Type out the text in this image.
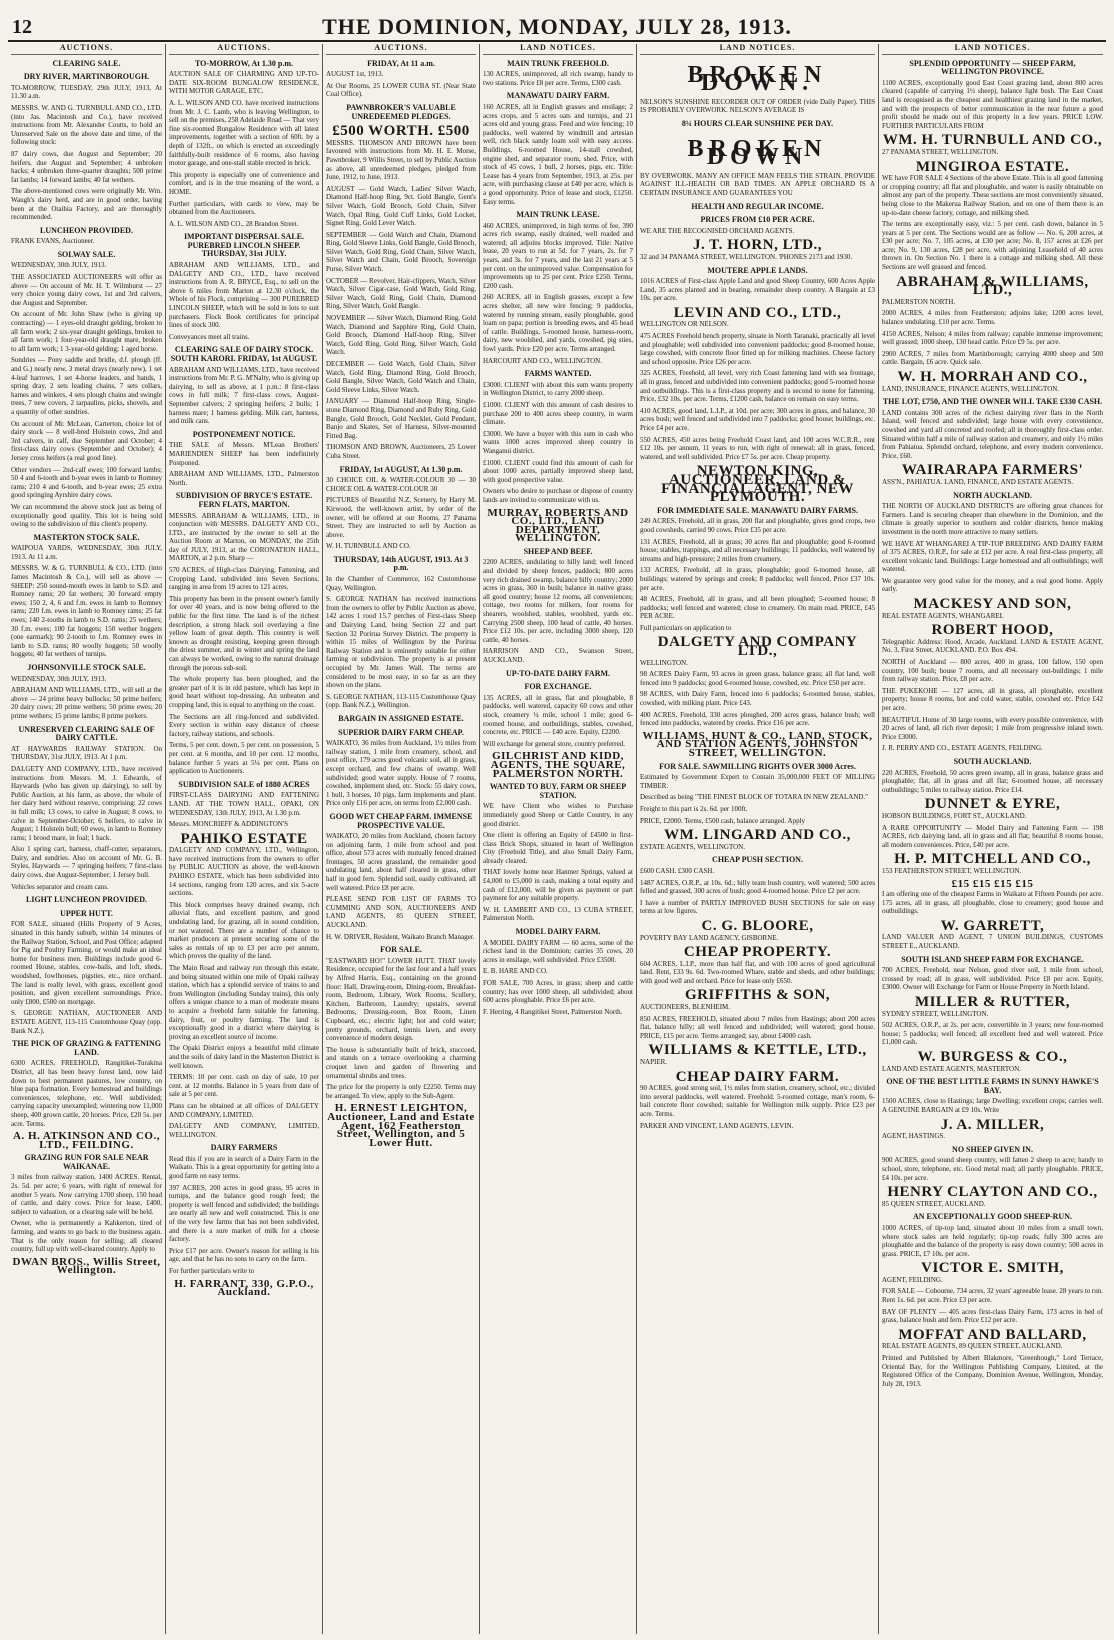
12	THE DOMINION, MONDAY, JULY 28, 1913.
AUCTIONS.
CLEARING SALE.
DRY RIVER, MARTINBOROUGH.
TO-MORROW, TUESDAY, 29th JULY, 1913, At 11.30 a.m.
MESSRS. W. AND G. TURNBULL AND CO., LTD. (into Jas. Macintosh and Co.), have received instructions from Mr. Alexander Coutts, to hold an Unreserved Sale on the above date and time, of the following stock:
87 dairy cows, due August and September; 20 heifers, due August and September; 4 unbroken hacks; 4 unbroken three-quarter draughts; 500 prime fat lambs; 14 forward lambs; 40 fat wethers.
The above-mentioned cows were originally Mr. Wm. Waugh's dairy herd, and are in good order, having been at the Otaihia Factory, and are thoroughly recommended.
LUNCHEON PROVIDED.
FRANK EVANS, Auctioneer.
SOLWAY SALE.
WEDNESDAY, 30th JULY, 1913.
THE ASSOCIATED AUCTIONEERS will offer as above — On account of Mr. H. T. Wilmhurst — 27 very choice young dairy cows, 1st and 3rd calvers, due August and September.
On account of Mr. John Shaw (who is giving up contracting) — 1 eyes-old draught gelding, broken to all farm work; 2 six-year draught geldings, broken to all farm work; 1 four-year-old draught mare, broken to all farm work; 1 3-year-old gelding; 1 aged horse.
Sundries — Pony saddle and bridle, d.f. plough (ff. and G.) nearly new, 3 metal drays (nearly new), 1 set 4-leaf harrows, 1 set 4-horse leaders, and bands, 1 spring dray, 2 sets leading chains, 7 sets collars, hames and winkers, 4 sets plough chains and swingle trees, 7 new covers, 2 tarpaulins, picks, shovels, and a quantity of other sundries.
On account of Mr. McLean, Carterton, choice lot of dairy stock — 8 well-bred Holstein cows, 2nd and 3rd calvers, in calf, due September and October; 4 first-class dairy cows (September and October); 4 Jersey cross heifers (a real good line).
Other vendors — 2nd-calf ewes; 100 forward lambs; 50 4 and 6-tooth and b-year ewes in lamb to Romney rams; 210 4 and 6-tooth, and b-year ewes; 25 extra good springing Ayrshire dairy cows.
We can recommend the above stock just as being of exceptionally good quality. This lot is being sold owing to the subdivision of this client's property.
MASTERTON STOCK SALE.
WAIPOUA YARDS, WEDNESDAY, 30th JULY, 1913. At 11 a.m.
MESSRS. W. & G. TURNBULL & CO., LTD. (into James Macintosh & Co.), will sell as above — SHEEP: 250 sound-mouth ewes in lamb to S.D. and Romney rams; 20 fat wethers; 30 forward empty ewes; 150 2, 4, 6 and f.m. ewes in lamb to Romney rams; 220 f.m. ewes in lamb to Romney rams; 25 fat ewes; 140 2-tooths in lamb to S.D. rams; 25 wethers; 30 f.m. ewes; 100 fat hoggets; 150 wether hoggets (one earmark); 90 2-tooth to f.m. Romney ewes in lamb to S.D. rams; 80 woolly hoggets; 50 woolly hoggets; 40 fat wethers of turnips.
JOHNSONVILLE STOCK SALE.
WEDNESDAY, 30th JULY, 1913.
ABRAHAM AND WILLIAMS, LTD., will sell at the above — 24 prime heavy bullocks; 50 prime heifers; 20 dairy cows; 20 prime wethers; 50 prime ewes; 20 prime wethers; 15 prime lambs; 8 prime porkers.
UNRESERVED CLEARING SALE OF DAIRY CATTLE.
AT HAYWARDS RAILWAY STATION. On THURSDAY, 31st JULY, 1913. At 1 p.m.
DALGETY AND COMPANY, LTD., have received instructions from Messrs. M. J. Edwards, of Haywards (who has given up dairying), to sell by Public Auction, at his farm, as above, the whole of her dairy herd without reserve, comprising: 22 cows in full milk; 13 cows, to calve in August; 8 cows, to calve in September-October; 6 heifers, to calve in August; 1 Holstein bull; 60 ewes, in lamb to Romney rams; 1 brood mare, in foal; 1 hack.
Also 1 spring cart, harness, chaff-cutter, separators, Dairy, and sundries. Also on account of Mr. G. B. Styles, Haywards — 7 springing heifers; 7 first-class dairy cows, due August-September; 1 Jersey bull.
Vehicles separator and cream cans.
LIGHT LUNCHEON PROVIDED.
UPPER HUTT.
FOR SALE, situated (Hills Property of 9 Acres, situated in this handy suburb, within 14 minutes of the Railway Station, School, and Post Office; adapted for Pig and Poultry Farming, or would make an ideal home for business men. Buildings include good 6-roomed House, stables, cow-bails, and loft, sheds, woodshed, fowlhouses, pigsties, etc., nice orchard. The land is really level, with grass, excellent good position, and given excellent surroundings. Price, only £800, £500 on mortgage.
S. GEORGE NATHAN, AUCTIONEER AND ESTATE AGENT, 113-115 Customhouse Quay (opp. Bank N.Z.).
THE PICK OF GRAZING & FATTENING LAND.
6300 ACRES, FREEHOLD, Rangitikei-Turakina District, all has been heavy forest land, now laid down to best permanent pastures, low country, on blue papa formation. Every homestead and buildings conveniences, telephone, etc. Well subdivided; carrying capacity unexampled; wintering now 11,000 sheep, 400 grown cattle, 20 horses. Price, £20 5s. per acre. Terms.
A. H. ATKINSON AND CO., LTD., FEILDING.
GRAZING RUN FOR SALE NEAR WAIKANAE.
3 miles from railway station, 1400 ACRES. Rental, 2s. 5d. per acre; 6 years, with right of renewal for another 5 years. Now carrying 1700 sheep, 150 head of cattle, and dairy cows. Price for lease, £400, subject to valuation, or a clearing sale will be held.
Owner, who is permanently a Kahkerton, tired of farming, and wants to go back to the business again. That is the only reason for selling; all cleared country, full up with well-cleared country. Apply to
DWAN BROS., Willis Street, Wellington.
AUCTIONS.
TO-MORROW, At 1.30 p.m.
AUCTION SALE OF CHARMING AND UP-TO-DATE SIX-ROOM BUNGALOW RESIDENCE, WITH MOTOR GARAGE, ETC.
A. L. WILSON AND CO. have received instructions from Mr. J. C. Lamb, who is leaving Wellington, to sell on the premises, 258 Adelaide Road — That very fine six-roomed Bungalow Residence with all latest improvements, together with a section of 60ft. by a depth of 132ft., on which is erected an exceedingly faithfully-built residence of 6 rooms, also having motor garage, and one-stall stable erected in brick.
This property is especially one of convenience and comfort, and is in the true meaning of the word, a HOME.
Further particulars, with cards to view, may be obtained from the Auctioneers.
A. L. WILSON AND CO., 28 Brandon Street.
IMPORTANT DISPERSAL SALE. PUREBRED LINCOLN SHEEP. THURSDAY, 31st JULY.
ABRAHAM AND WILLIAMS, LTD., and DALGETY AND CO., LTD., have received instructions from A. R. BRYCE, Esq., to sell on the above 6 miles from Marton at 12.30 o'clock, the Whole of his Flock, comprising — 300 PUREBRED LINCOLN SHEEP, which will be sold in lots to suit purchasers. Flock Book certificates for principal lines of stock 300.
Conveyances meet all trains.
CLEARING SALE OF DAIRY STOCK. SOUTH KARORI. FRIDAY, 1st AUGUST.
ABRAHAM AND WILLIAMS, LTD., have received instructions from Mr. P. G. M'Nalty, who is giving up dairying, to sell as above, at 1 p.m.: 8 first-class cows in full milk; 7 first-class cows, August-September calvers; 2 springing heifers; 2 bulls; 1 harness mare; 1 harness gelding. Milk cart, harness, and milk cans.
POSTPONEMENT NOTICE.
THE SALE of Messrs. M'Lean Brothers' MARIENDIEN SHEEP has been indefinitely Postponed.
ABRAHAM AND WILLIAMS, LTD., Palmerston North.
SUBDIVISION OF BRYCE'S ESTATE. FERN FLATS, MARTON.
MESSRS. ABRAHAM & WILLIAMS, LTD., in conjunction with MESSRS. DALGETY AND CO., LTD., are instructed by the owner to sell at the Auction Room at Marton, on MONDAY, the 25th day of JULY, 1913, at the CORONATION HALL, MARTON, at 2 p.m. Sharp —
570 ACRES, of High-class Dairying, Fattening, and Cropping Land, subdivided into Seven Sections, ranging in area from 19 acres to 121 acres.
This property has been in the present owner's family for over 40 years, and is now being offered to the public for the first time. The land is of the richest description, a strong black soil overlaying a fine yellow loam of great depth. This country is well known as drought resisting, keeping green through the driest summer, and in winter and spring the land can always be worked, owing to the natural drainage through the porous sub-soil.
The whole property has been ploughed, and the greater part of it is in old pasture, which has kept in good heart without top-dressing. An unbeaten and cropping land, this is equal to anything on the coast.
The Sections are all ring-fenced and subdivided. Every section is within easy distance of cheese factory, railway stations, and schools.
Terms, 5 per cent. down, 5 per cent. on possession, 5 per cent. at 6 months, and 10 per cent. 12 months, balance further 5 years at 5¼ per cent. Plans on application to Auctioneers.
SUBDIVISION SALE of 1880 ACRES
FIRST-CLASS DAIRYING AND FATTENING LAND. AT THE TOWN HALL, OPAKI, ON WEDNESDAY, 13th JULY, 1913, At 1.30 p.m.
Messrs. MONCRIEFF & ADDINGTON'S
PAHIKO ESTATE
DALGETY AND COMPANY, LTD., Wellington, have received instructions from the owners to offer by PUBLIC AUCTION as above, the well-known PAHIKO ESTATE, which has been subdivided into 14 sections, ranging from 120 acres, and six 5-acre sections.
This block comprises heavy drained swamp, rich alluvial flats, and excellent pasture, and good undulating land, for grazing, all in sound condition, or not watered. There are a number of chance to market producers at present securing some of the sales as rentals of up to £3 per acre per annum, which proves the quality of the land.
The Main Road and railway run through this estate, and being situated within one mile of Opaki railway station, which has a splendid service of trains to and from Wellington (including Sunday trains), this only offers a unique chance to a man of moderate means to acquire a freehold farm suitable for fattening, dairy, fruit, or poultry farming. The land is exceptionally good in a district where dairying is proving an excellent source of income.
The Opaki District enjoys a beautiful mild climate and the soils of dairy land in the Masterton District is well known.
TERMS: 10 per cent. cash on day of sale, 10 per cent. at 12 months. Balance in 5 years from date of sale at 5 per cent.
Plans can be obtained at all offices of DALGETY AND COMPANY, LIMITED.
DALGETY AND COMPANY, LIMITED, WELLINGTON.
DAIRY FARMERS
Read this if you are in search of a Dairy Farm in the Waikato. This is a great opportunity for getting into a good farm on easy terms.
397 ACRES, 200 acres in good grass, 95 acres in turnips, and the balance good rough feed; the property is well fenced and subdivided; the buildings are nearly all new and well constructed. This is one of the very few farms that has not been subdivided, and there is a sure market of milk for a cheese factory.
Price £17 per acre. Owner's reason for selling is his age, and that he has no sons to carry on the farm.
For further particulars write to
H. FARRANT, 330, G.P.O., Auckland.
AUCTIONS.
FRIDAY, At 11 a.m.
AUGUST 1st, 1913.
At Our Rooms, 25 LOWER CUBA ST. (Near State Coal Office).
PAWNBROKER'S VALUABLE UNREDEEMED PLEDGES.
£500 WORTH. £500
MESSRS. THOMSON AND BROWN have been favoured with instructions from Mr. H. E. Morse, Pawnbroker, 9 Willis Street, to sell by Public Auction as above, all unredeemed pledges, pledged from June, 1912, to June, 1913.
AUGUST — Gold Watch, Ladies' Silver Watch, Diamond Half-hoop Ring, 9ct. Gold Bangle, Gent's Silver Watch, Gold Brooch, Gold Chain, Silver Watch, Opal Ring, Gold Cuff Links, Gold Locket, Signet Ring, Gold Lever Watch.
SEPTEMBER — Gold Watch and Chain, Diamond Ring, Gold Sleeve Links, Gold Bangle, Gold Brooch, Silver Watch, Gold Ring, Gold Chain, Silver Watch, Silver Watch and Chain, Gold Brooch, Sovereign Purse, Silver Watch.
OCTOBER — Revolver, Hair-clippers, Watch, Silver Watch, Silver Cigar-case, Gold Watch, Gold Ring, Silver Watch, Gold Ring, Gold Chain, Diamond Ring, Silver Watch, Gold Bangle.
NOVEMBER — Silver Watch, Diamond Ring, Gold Watch, Diamond and Sapphire Ring, Gold Chain, Gold Brooch, Diamond Half-hoop Ring, Silver Watch, Gold Ring, Gold Ring, Silver Watch, Gold Watch.
DECEMBER — Gold Watch, Gold Chain, Silver Watch, Gold Ring, Diamond Ring, Gold Brooch, Gold Bangle, Silver Watch, Gold Watch and Chain, Gold Sleeve Links, Silver Watch.
JANUARY — Diamond Half-hoop Ring, Single-stone Diamond Ring, Diamond and Ruby Ring, Gold Bangle, Gold Brooch, Gold Necklet, Gold Pendant, Banjo and Skates, Set of Harness, Silver-mounted Fitted Bag.
THOMSON AND BROWN, Auctioneers, 25 Lower Cuba Street.
FRIDAY, 1st AUGUST, At 1.30 p.m.
30 CHOICE OIL & WATER-COLOUR 30 — 30 CHOICE OIL & WATER-COLOUR 30
PICTURES of Beautiful N.Z. Scenery, by Harry M. Kirwood, the well-known artist, by order of the owner, will be offered at our Rooms, 27 Panama Street. They are instructed to sell by Auction as above.
W. H. TURNBULL AND CO.
THURSDAY, 14th AUGUST, 1913. At 3 p.m.
In the Chamber of Commerce, 162 Customhouse Quay, Wellington.
S. GEORGE NATHAN has received instructions from the owners to offer by Public Auction as above, 142 acres 1 rood 15.7 perches of First-class Sheep and Dairying Land, being Section 22 and part Section 32 Porirua Survey District. The property is within 15 miles of Wellington by the Porirua Railway Station and is eminently suitable for either farming or subdivision. The property is at present occupied by Mr. James Wall. The terms are considered to be most easy, in so far as are they shown on the plans.
S. GEORGE NATHAN, 113-115 Customhouse Quay (opp. Bank N.Z.), Wellington.
BARGAIN IN ASSIGNED ESTATE.
SUPERIOR DAIRY FARM CHEAP.
WAIKATO, 36 miles from Auckland, 1½ miles from railway station, 1 mile from creamery, school, and post office, 179 acres good volcanic soil, all in grass, except orchard, and few chains of swamp. Well subdivided; good water supply. House of 7 rooms, cowshed, implement shed, etc. Stock: 55 dairy cows, 1 bull, 3 horses, 10 pigs, farm implements and plant. Price only £16 per acre, on terms from £2,000 cash.
GOOD WET CHEAP FARM. IMMENSE PROSPECTIVE VALUE.
WAIKATO, 20 miles from Auckland, chosen factory on adjoining farm, 1 mile from school and post office, about 573 acres with mutually fenced drained frontages, 50 acres grassland, the remainder good undulating land, about half cleared in grass, other half in good fern. Splendid soil, easily cultivated, all well watered. Price £8 per acre.
PLEASE SEND FOR LIST OF FARMS TO CUMMING AND SON, AUCTIONEERS AND LAND AGENTS, 85 QUEEN STREET, AUCKLAND.
H. W. DRIVER, Resident, Waikato Branch Manager.
FOR SALE.
"EASTWARD HO!" LOWER HUTT. THAT lovely Residence, occupied for the last four and a half years by Alfred Harris, Esq., containing on the ground floor: Hall, Drawing-room, Dining-room, Breakfast-room, Bedroom, Library, Work Rooms, Scullery, Kitchen, Bathroom, Laundry; upstairs, several Bedrooms, Dressing-room, Box Room, Linen Cupboard, etc.; electric light; hot and cold water; pretty grounds, orchard, tennis lawn, and every convenience of modern design.
The house is substantially built of brick, stuccoed, and stands on a terrace overlooking a charming croquet lawn and garden of flowering and ornamental shrubs and trees.
The price for the property is only £2250. Terms may be arranged. To view, apply to the Sub-Agent.
H. ERNEST LEIGHTON, Auctioneer, Land and Estate Agent, 162 Featherston Street, Wellington, and 5 Lower Hutt.
LAND NOTICES.
MAIN TRUNK FREEHOLD.
130 ACRES, unimproved, all rich swamp, handy to two stations. Price £8 per acre. Terms, £300 cash.
MANAWATU DAIRY FARM.
160 ACRES, all in English grasses and ensilage; 2 acres crops, and 5 acres oats and turnips, and 21 acres old and young grass. Feed and wire fencing; 10 paddocks, well watered by windmill and artesian well, rich black sandy loam soil with easy access. Buildings, 6-roomed House, 14-stall cowshed, engine shed, and separator room, shed. Price, with stock of 45 cows, 1 bull, 2 horses, pigs, etc. Title: Lease has 4 years from September, 1913, at 25s. per acre, with purchasing clause at £40 per acre, which is a good opportunity. Price of lease and stock, £1250. Easy terms.
MAIN TRUNK LEASE.
460 ACRES, unimproved, in high terms of fee, 390 acres rich swamp, easily drained, well roaded and watered; all adjoins blocks improved. Title: Native lease, 20 years to run at 5d. for 7 years, 2s. for 7 years, and 3s. for 7 years, and the last 21 years at 5 per cent. on the unimproved value. Compensation for improvements up to 25 per cent. Price £250. Terms, £200 cash.
260 ACRES, all in English grasses, except a few acres shelter, all new wire fencing; 9 paddocks, watered by running stream, easily ploughable, good loam on papa; portion is breeding ewes, and 45 head of cattle. Buildings, 5-roomed house, harness-room, dairy, new woolshed, and yards, cowshed, pig sties, fowl yards. Price £20 per acre. Terms arranged.
HARCOURT AND CO., WELLINGTON.
FARMS WANTED.
£3000. CLIENT with about this sum wants property in Wellington District, to carry 2000 sheep.
£1000. CLIENT with this amount of cash desires to purchase 200 to 400 acres sheep country, in warm climate.
£3000. We have a buyer with this sum in cash who wants 1000 acres improved sheep country in Wanganui district.
£1000. CLIENT could find this amount of cash for about 1000 acres, partially improved sheep land, with good prospective value.
Owners who desire to purchase or dispose of country lands are invited to communicate with us.
MURRAY, ROBERTS AND CO., LTD., LAND DEPARTMENT, WELLINGTON.
SHEEP AND BEEF.
2200 ACRES, undulating to hilly land; well fenced and divided by sheep fences, paddock; 800 acres very rich drained swamp, balance hilly country; 2000 acres in grass, 360 in bush; balance in native grass; all good country; house 12 rooms, all conveniences; cottage, two rooms for milkers, four rooms for shearers, woolshed, stables, woolshed, yards etc. Carrying 2500 sheep, 100 head of cattle, 40 horses. Price £12 10s. per acre, including 3000 sheep, 120 cattle, 40 horses.
HARRISON AND CO., Swanson Street, AUCKLAND.
UP-TO-DATE DAIRY FARM.
FOR EXCHANGE.
135 ACRES, all in grass, flat and ploughable, 8 paddocks, well watered, capacity 60 cows and other stock, creamery ¼ mile, school 1 mile; good 6-roomed house, and outbuildings, stables, cowshed, concrete, etc. PRICE — £40 acre. Equity, £2200.
Will exchange for general store, country preferred.
GILCHRIST AND KIDD, AGENTS, THE SQUARE, PALMERSTON NORTH.
WANTED TO BUY. FARM OR SHEEP STATION.
WE have Client who wishes to Purchase immediately good Sheep or Cattle Country, in any good district.
One client is offering an Equity of £4500 in first-class Brick Shops, situated in heart of Wellington City (Freehold Title), and also Small Dairy Farm, already cleared.
THAT lovely home near Hanmer Springs, valued at £4,000 to £5,000 in cash, making a total equity and cash of £12,000, will be given as payment or part payment for any suitable property.
W. H. LAMBERT AND CO., 13 CUBA STREET, Palmerston North.
MODEL DAIRY FARM.
A MODEL DAIRY FARM — 60 acres, some of the richest land in the Dominion; carries 35 cows, 20 acres in ensilage, well subdivided. Price £3500.
E. B. HARE AND CO.
FOR SALE, 700 Acres, in grass; sheep and cattle country; has over 1000 sheep, all subdivided; about 600 acres ploughable. Price £6 per acre.
F. Herring, 4 Rangitikei Street, Palmerston North.
LAND NOTICES.
BROKEN DOWN.
NELSON'S SUNSHINE RECORDER OUT OF ORDER (vide Daily Paper). THIS IS PROBABLY OVERWORK. NELSON'S AVERAGE IS
8¼ HOURS CLEAR SUNSHINE PER DAY.
BROKEN DOWN
BY OVERWORK. MANY AN OFFICE MAN FEELS THE STRAIN. PROVIDE AGAINST ILL-HEALTH OR BAD TIMES. AN APPLE ORCHARD IS A CERTAIN INSURANCE AND GUARANTEES YOU
HEALTH AND REGULAR INCOME.
PRICES FROM £10 PER ACRE.
WE ARE THE RECOGNISED ORCHARD AGENTS.
J. T. HORN, LTD.,
32 and 34 PANAMA STREET, WELLINGTON. 'PHONES 2173 and 1930.
MOUTERE APPLE LANDS.
1016 ACRES of First-class Apple Land and good Sheep Country, 600 Acres Apple Land, 35 acres planted and in bearing, remainder sheep country. A Bargain at £3 10s. per acre.
LEVIN AND CO., LTD.,
WELLINGTON OR NELSON.
475 ACRES Freehold bench property, situate in North Taranaki, practically all level and ploughable; well subdivided into convenient paddocks; good 8-roomed house, large cowshed, with concrete floor fitted up for milking machines. Cheese factory and school opposite. Price £26 per acre.
325 ACRES, Freehold, all level, very rich Coast fattening land with sea frontage, all in grass, fenced and subdivided into convenient paddocks; good 5-roomed house and outbuildings. This is a first-class property and is second to none for fattening. Price, £32 10s. per acre. Terms, £1200 cash, balance on remain on easy terms.
410 ACRES, good land, L.I.P., at 10d. per acre; 300 acres in grass, and balance, 30 acres bush; well fenced and subdivided into 7 paddocks; good house; buildings, etc. Price £4 per acre.
550 ACRES, 450 acres being Freehold Coast land, and 100 acres W.C.R.R., rent £12 10s. per annum, 11 years to run, with right of renewal; all in grass, fenced, watered, and well subdivided. Price £7 5s. per acre. Cheap property.
NEWTON KING, AUCTIONEER, LAND & FINANCIAL AGENT, NEW PLYMOUTH.
FOR IMMEDIATE SALE. MANAWATU DAIRY FARMS.
249 ACRES, Freehold, all in grass, 200 flat and ploughable, gives good crops, two good cowsheds, carried 90 cows. Price £35 per acre.
131 ACRES, Freehold, all in grass; 30 acres flat and ploughable; good 6-roomed house; stables, trappings, and all necessary buildings; 11 paddocks, well watered by streams and high-pressure; 2 miles from creamery.
133 ACRES, Freehold, all in grass, ploughable; good 6-roomed house, all buildings; watered by springs and creek; 8 paddocks; well fenced. Price £37 10s. per acre.
48 ACRES, Freehold, all in grass, and all been ploughed; 5-roomed house; 8 paddocks; well fenced and watered; close to creamery. On main road. PRICE, £45 PER ACRE.
Full particulars on application to
DALGETY AND COMPANY LTD.,
WELLINGTON.
98 ACRES Dairy Farm, 93 acres in green grass, balance grass; all flat land, well fenced into 9 paddocks; good 6-roomed house, cowshed, etc. Price £50 per acre.
98 ACRES, with Dairy Farm, fenced into 6 paddocks; 6-roomed house, stables, cowshed, with milking plant. Price £43.
400 ACRES, Freehold, 330 acres ploughed, 200 acres grass, balance bush; well fenced into paddocks, watered by creeks. Price £16 per acre.
WILLIAMS, HUNT & CO., LAND, STOCK, AND STATION AGENTS, JOHNSTON STREET, WELLINGTON.
FOR SALE. SAWMILLING RIGHTS OVER 3000 Acres.
Estimated by Government Expert to Contain 35,000,000 FEET OF MILLING TIMBER.
Described as being "THE FINEST BLOCK OF TOTARA IN NEW ZEALAND."
Freight to this part is 2s. 6d. per 100ft.
PRICE, £2000. Terms, £500 cash, balance arranged. Apply
WM. LINGARD AND CO.,
ESTATE AGENTS, WELLINGTON.
CHEAP PUSH SECTION.
£600 CASH. £300 CASH.
1487 ACRES, O.R.P., at 10s. 6d.; hilly team bush country, well watered; 500 acres felled and grassed, 300 acres of bush; good 4-roomed house. Price £2 per acre.
I have a number of PARTLY IMPROVED BUSH SECTIONS for sale on easy terms at low figures.
C. G. BLOORE,
POVERTY BAY LAND AGENCY, GISBORNE.
CHEAP PROPERTY.
604 ACRES, L.I.P., more than half flat, and with 100 acres of good agricultural land. Rent, £33 9s. 6d. Two-roomed Whare, stable and sheds, and other buildings; with good well and orchard. Price for lease only £650.
GRIFFITHS & SON,
AUCTIONEERS, BLENHEIM.
850 ACRES, FREEHOLD, situated about 7 miles from Hastings; about 200 acres flat, balance hilly; all well fenced and subdivided; well watered; good house. PRICE, £15 per acre. Terms arranged; say, about £4000 cash.
WILLIAMS & KETTLE, LTD.,
NAPIER.
CHEAP DAIRY FARM.
90 ACRES, good strong soil, 1½ miles from station, creamery, school, etc.; divided into several paddocks, well watered. Freehold. 5-roomed cottage, man's room, 6-bail concrete floor cowshed; suitable for Wellington milk supply. Price £23 per acre. Terms.
PARKER AND VINCENT, LAND AGENTS, LEVIN.
LAND NOTICES.
SPLENDID OPPORTUNITY — SHEEP FARM, WELLINGTON PROVINCE.
1100 ACRES, exceptionally good East Coast grazing land, about 800 acres cleared (capable of carrying 1½ sheep), balance light bush. The East Coast land is recognised as the cheapest and healthiest grazing land in the market, and with the prospects of better communication in the near future a good profit should be made out of this property in a few years. PRICE LOW. FURTHER PARTICULARS FROM
WM. H. TURNBULL AND CO.,
27 PANAMA STREET, WELLINGTON.
MINGIROA ESTATE.
WE have FOR SALE 4 Sections of the above Estate. This is all good fattening or cropping country; all flat and ploughable, and water is easily obtainable on almost any part of the property. These sections are most conveniently situated, being close to the Makerua Railway Station, and on one of them there is an up-to-date cheese factory, cottage, and milking shed.
The terms are exceptionally easy, viz.: 5 per cent. cash down, balance in 5 years at 5 per cent. The Sections would are as follow — No. 6, 200 acres, at £30 per acre; No. 7, 105 acres, at £30 per acre; No. 8, 157 acres at £26 per acre; No. 9, 130 acres, £28 per acre, with adjoining Leasehold of 40 acres thrown in. On Section No. 1 there is a cottage and milking shed. All these Sections are well grassed and fenced.
ABRAHAM & WILLIAMS, LTD.,
PALMERSTON NORTH.
2000 ACRES, 4 miles from Featherston; adjoins lake; 1200 acres level, balance undulating. £10 per acre. Terms.
4150 ACRES, Nelson; 4 miles from railway; capable immense improvement; well grassed; 1000 sheep, 130 head cattle. Price £9 5s. per acre.
2900 ACRES, 7 miles from Martinborough; carrying 4000 sheep and 500 cattle. Bargain, £6 acre. Quick sale.
W. H. MORRAH AND CO.,
LAND, INSURANCE, FINANCE AGENTS, WELLINGTON.
THE LOT, £750, AND THE OWNER WILL TAKE £330 CASH.
LAND contains 300 acres of the richest dairying river flats in the North Island, well fenced and subdivided; large house with every convenience, cowshed and yard all concreted and roofed; all in thoroughly first-class order. Situated within half a mile of railway station and creamery, and only 1½ miles from Pahiatua. Splendid orchard, telephone, and every modern convenience. Price, £60.
WAIRARAPA FARMERS'
ASS'N., PAHIATUA. LAND, FINANCE, AND ESTATE AGENTS.
NORTH AUCKLAND.
THE NORTH OF AUCKLAND DISTRICTS are offering great chances for Farmers. Land is securing cheaper than elsewhere in the Dominion, and the climate is greatly superior to southern and colder districts, hence making investment in the north more attractive to many settlers.
WE HAVE AT WHANGAREI A TIP-TOP BREEDING AND DAIRY FARM of 375 ACRES, O.R.P., for sale at £12 per acre. A real first-class property, all excellent volcanic land. Buildings: Large homestead and all outbuildings; well watered.
We guarantee very good value for the money, and a real good home. Apply early.
MACKESY AND SON,
REAL ESTATE AGENTS, WHANGAREI.
ROBERT HOOD,
Telegraphic Address: Hood, Arcade, Auckland. LAND & ESTATE AGENT, No. 3, First Street, AUCKLAND. P.O. Box 494.
NORTH of Auckland — 800 acres, 400 in grass, 100 fallow, 150 open country, 100 bush; house 7 rooms, and all necessary out-buildings; 1 mile from railway station. Price, £8 per acre.
THE PUKEKOHE — 127 acres, all in grass, all ploughable, excellent property; house 8 rooms, hot and cold water, stable, cowshed etc. Price £42 per acre.
BEAUTIFUL Home of 30 large rooms, with every possible convenience, with 20 acres of land, all rich river deposit; 1 mile from progressive inland town. Price £3000.
J. R. PERRY AND CO., ESTATE AGENTS, FEILDING.
SOUTH AUCKLAND.
220 ACRES, Freehold, 50 acres green swamp, all in grass, balance grass and ploughable; flat, all in grass and all flat; 6-roomed house, all necessary outbuildings; 5 miles to railway station. Price £14.
DUNNET & EYRE,
HOBSON BUILDINGS, FORT ST., AUCKLAND.
A RARE OPPORTUNITY — Model Dairy and Fattening Farm — 198 ACRES, rich dairying land, all in grass and all flat; beautiful 8 rooms house, all modern conveniences. Price, £40 per acre.
H. P. MITCHELL AND CO.,
153 FEATHERSTON STREET, WELLINGTON.
£15 £15 £15 £15
I am offering one of the cheapest Farms in Waikato at Fifteen Pounds per acre. 175 acres, all in grass, all ploughable, close to creamery; good house and outbuildings.
W. GARRETT,
LAND VALUER AND AGENT, 7 UNION BUILDINGS, CUSTOMS STREET E., AUCKLAND.
SOUTH ISLAND SHEEP FARM FOR EXCHANGE.
700 ACRES, Freehold, near Nelson, good river soil, 1 mile from school, crossed by road; all in grass, well subdivided. Price £8 per acre. Equity, £3000. Owner will Exchange for Farm or House Property in North Island.
MILLER & RUTTER,
SYDNEY STREET, WELLINGTON.
502 ACRES, O.R.P., at 2s. per acre, convertible in 3 years; new four-roomed house; 5 paddocks; well fenced; all excellent feed and well watered. Price £1,000 cash.
W. BURGESS & CO.,
LAND AND ESTATE AGENTS, MASTERTON.
ONE OF THE BEST LITTLE FARMS IN SUNNY HAWKE'S BAY.
1500 ACRES, close to Hastings; large Dwelling; excellent crops; carries well. A GENUINE BARGAIN at £9 10s. Write
J. A. MILLER,
AGENT, HASTINGS.
NO SHEEP GIVEN IN.
900 ACRES, good sound sheep country, will fatten 2 sheep to acre; handy to school, store, telephone, etc. Good metal road; all partly ploughable. PRICE, £4 10s. per acre.
HENRY CLAYTON AND CO.,
85 QUEEN STREET, AUCKLAND.
AN EXCEPTIONALLY GOOD SHEEP-RUN.
1000 ACRES, of tip-top land, situated about 10 miles from a small town, where stock sales are held regularly; tip-top roads; fully 300 acres are ploughable and the balance of the property is easy down country; 500 acres in grass. PRICE, £7 10s. per acre.
VICTOR E. SMITH,
AGENT, FEILDING.
FOR SALE — Cobourne, 734 acres, 32 years' agreeable lease. 28 years to run. Rent 1s. 6d. per acre. Price £3 per acre.
BAY OF PLENTY — 405 acres first-class Dairy Farm, 173 acres in bed of grass, balance bush and fern. Price £12 per acre.
MOFFAT AND BALLARD,
REAL ESTATE AGENTS, 89 QUEEN STREET, AUCKLAND.
Printed and Published by Albert Blakmore, "Greenhough," Lord Terrace, Oriental Bay, for the Wellington Publishing Company, Limited, at the Registered Office of the Company, Dominion Avenue, Wellington, Monday, July 28, 1913.
